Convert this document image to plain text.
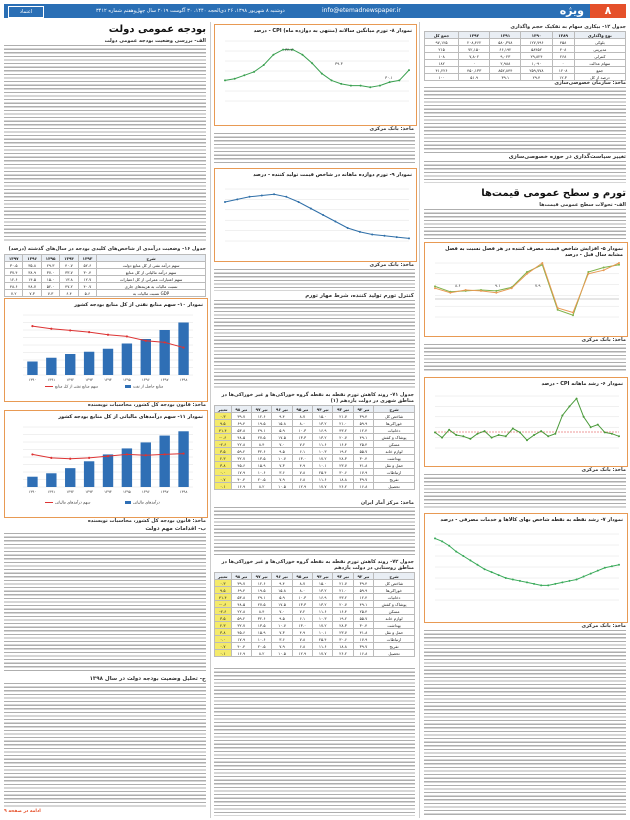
۸
ویژه
دوشنبه ۸ شهریور ۱۳۹۸، ۲۶ ذی‌الحجه ۱۴۴۰، ۳۰ آگوست ۲۰۱۹ سال چهل‌وهفتم شماره ۳۴۱۲
اعتماد	info@etemadnewspaper.ir
جدول ۱۲- بیکاری سهام به تفکیک حجم واگذاری
جمع کل	۱۳۹۲	۱۳۹۱	۱۳۹۰	۱۳۸۹	نوع واگذاری
۹۷,۱۲۵	۲۰۸,۴۶۲	۵۸۰,۳۷۸	۱۲۷,۷۹۶	۴۵۸	بلوکی
۲۱۵	۷۲,۱۵۰	۶۶,۱۹۲	۵۸۴۵۲	۴۰۸	مدیریتی
۱۰۸	۷,۸۰۲	۹,۰۲۳	۲۹,۸۲۴	۲۶۸	کنترلی
۱۸۲	۰	۲,۹۸۸	۱,۰۹۰	۰	سهام عدالت
۴۱,۲۲۶	۴۵۰,۱۳۳	۸۵۲,۸۴۴	۲۵۹,۷۷۸	۱۲۰۸	جمع
۱۰۰	۵۱.۹	۳۹.۱	۲۹.۴	۱۲.۳	درصد از کل
ماخذ: سازمان خصوصی‌سازی
تغییر سیاست‌گذاری در حوزه خصوصی‌سازی
تورم و سطح عمومی قیمت‌ها
الف- تحولات سطح عمومی قیمت‌ها
نمودار ۵- افزایش شاخص قیمت مصرف کننده در هر فصل نسبت به فصل مشابه سال قبل - درصد
۸.۶	۹.۱	۷.۹
ماخذ: بانک مرکزی
نمودار ۶- رشد ماهانه CPI - درصد
ماخذ: بانک مرکزی
نمودار ۷- رشد نقطه به نقطه شاخص بهای کالاها و خدمات مصرفی - درصد
ماخذ: بانک مرکزی
نمودار ۸- تورم میانگین سالانه (منتهی به دوازده ماه) CPI - درصد
۳۴.۷
۳۹.۳
۳۰.۱
ماخذ: بانک مرکزی
نمودار ۹- تورم دوازده ماهانه در شاخص قیمت تولید کننده - درصد
ماخذ: بانک مرکزی
کنترل تورم تولید کننده، شرط مهار تورم
جدول ۷۱- روند کاهش تورم نقطه به نقطه گروه خوراکی‌ها و غیر خوراکی‌ها در مناطق شهری در دولت یازدهم (۱)
تغییر	۹۸ تیر	۹۷ تیر	۹۶ تیر	۹۵ تیر	۹۴ تیر	۹۳ تیر	۹۲ تیر	شرح
۰.۳	۳۹.۷	۱۲.۶	۹.۴	۸.۷	۱۵.۰	۲۱.۷	۳۹.۴	شاخص کل
۹.۵	۶۹.۴	۱۹.۵	۱۵.۸	۸.۰	۱۳.۲	۲۱.۰	۵۹.۹	خوراکی‌ها
۴۱.۴	۵۳.۸	۲۹.۱	۵.۹	۱۰.۳	۱۶.۹	۴۳.۲	۱۲.۴	دخانیات
-۰.۶	۴۸.۵	۲۷.۵	۱۷.۵	۱۳.۳	۱۳.۲	۲۰.۷	۴۹.۱	پوشاک و کفش
-۲.۶	۲۲.۸	۸.۴	۷.۰	۷.۲	۱۱.۶	۱۶.۴	۲۵.۴	مسکن
۳.۵	۵۹.۲	۳۲.۶	۹.۵	۶.۱	۱۰.۳	۱۹.۲	۵۵.۷	لوازم خانه
۲.۳	۳۲.۷	۱۳.۵	۱۰.۷	۱۳.۰	۱۷.۲	۲۸.۳	۳۰.۴	بهداشت
۳.۸	۴۵.۶	۱۵.۹	۷.۳	۴.۹	۱۰.۱	۲۳.۷	۴۱.۸	حمل و نقل
۰.۰	۱۷.۹	۱۰.۶	۳.۶	۷.۸	۲۵.۴	۳۰.۶	۱۷.۹	ارتباطات
۰.۷	۴۰.۴	۲۰.۵	۷.۹	۶.۸	۱۱.۶	۱۸.۸	۳۹.۷	تفریح
۰.۱	۱۶.۹	۸.۲	۱۰.۵	۱۲.۹	۱۷.۷	۲۶.۲	۱۶.۸	تحصیل
ماخذ: مرکز آمار ایران
جدول ۷۲- روند کاهش تورم نقطه به نقطه گروه خوراکی‌ها و غیر خوراکی‌ها در مناطق روستایی در دولت یازدهم
تغییر	۹۸ تیر	۹۷ تیر	۹۶ تیر	۹۵ تیر	۹۴ تیر	۹۳ تیر	۹۲ تیر	شرح
۰.۳	۳۹.۷	۱۲.۶	۹.۴	۸.۷	۱۵.۰	۲۱.۷	۳۹.۴	شاخص کل
۹.۵	۶۹.۴	۱۹.۵	۱۵.۸	۸.۰	۱۳.۲	۲۱.۰	۵۹.۹	خوراکی‌ها
۴۱.۴	۵۳.۸	۲۹.۱	۵.۹	۱۰.۳	۱۶.۹	۴۳.۲	۱۲.۴	دخانیات
-۰.۶	۴۸.۵	۲۷.۵	۱۷.۵	۱۳.۳	۱۳.۲	۲۰.۷	۴۹.۱	پوشاک و کفش
-۲.۶	۲۲.۸	۸.۴	۷.۰	۷.۲	۱۱.۶	۱۶.۴	۲۵.۴	مسکن
۳.۵	۵۹.۲	۳۲.۶	۹.۵	۶.۱	۱۰.۳	۱۹.۲	۵۵.۷	لوازم خانه
۲.۳	۳۲.۷	۱۳.۵	۱۰.۷	۱۳.۰	۱۷.۲	۲۸.۳	۳۰.۴	بهداشت
۳.۸	۴۵.۶	۱۵.۹	۷.۳	۴.۹	۱۰.۱	۲۳.۷	۴۱.۸	حمل و نقل
۰.۰	۱۷.۹	۱۰.۶	۳.۶	۷.۸	۲۵.۴	۳۰.۶	۱۷.۹	ارتباطات
۰.۷	۴۰.۴	۲۰.۵	۷.۹	۶.۸	۱۱.۶	۱۸.۸	۳۹.۷	تفریح
۰.۱	۱۶.۹	۸.۲	۱۰.۵	۱۲.۹	۱۷.۷	۲۶.۲	۱۶.۸	تحصیل
بودجه عمومی دولت
الف- بررسی وضعیت بودجه عمومی دولت
جدول ۱۶- وضعیت درآمدی از شاخص‌های کلیدی بودجه در سال‌های گذشته (درصد)
۱۳۹۷	۱۳۹۶	۱۳۹۵	۱۳۹۴	۱۳۹۳	شرح
۳۰.۵	۳۵.۸	۲۹.۳	۴۰.۷	۵۲.۶	سهم درآمد نفتی از کل منابع دولت
۳۷.۴	۳۸.۹	۳۷.۰	۳۳.۷	۳۰.۴	سهم درآمد مالیاتی از کل منابع
۱۲.۶	۱۴.۵	۱۵.۰	۱۳.۸	۱۲.۷	سهم اعتبارات عمرانی از کل اعتبارات
۴۸.۶	۴۸.۷	۵۲.۰	۴۷.۲	۴۰.۷	نسبت مالیات به هزینه‌های جاری
۷.۲	۷.۳	۷.۳	۶.۴	۵.۶	نسبت مالیات به GDP
نمودار ۱۰- سهم منابع نفتی از کل منابع بودجه کشور
۱۳۹۰	۱۳۹۱	۱۳۹۲	۱۳۹۳	۱۳۹۴	۱۳۹۵	۱۳۹۶	۱۳۹۷	۱۳۹۸
منابع حاصل از نفت
سهم منابع نفتی از کل منابع
ماخذ: قانون بودجه کل کشور، محاسبات نویسنده
نمودار ۱۱- سهم درآمدهای مالیاتی از کل منابع بودجه کشور
۱۳۹۰	۱۳۹۱	۱۳۹۲	۱۳۹۳	۱۳۹۴	۱۳۹۵	۱۳۹۶	۱۳۹۷	۱۳۹۸
درآمدهای مالیاتی
سهم درآمدهای مالیاتی
ماخذ: قانون بودجه کل کشور، محاسبات نویسنده
ب- اقدامات مهم دولت
ج- تحلیل وضعیت بودجه دولت در سال ۱۳۹۸
ادامه در صفحه ۹
